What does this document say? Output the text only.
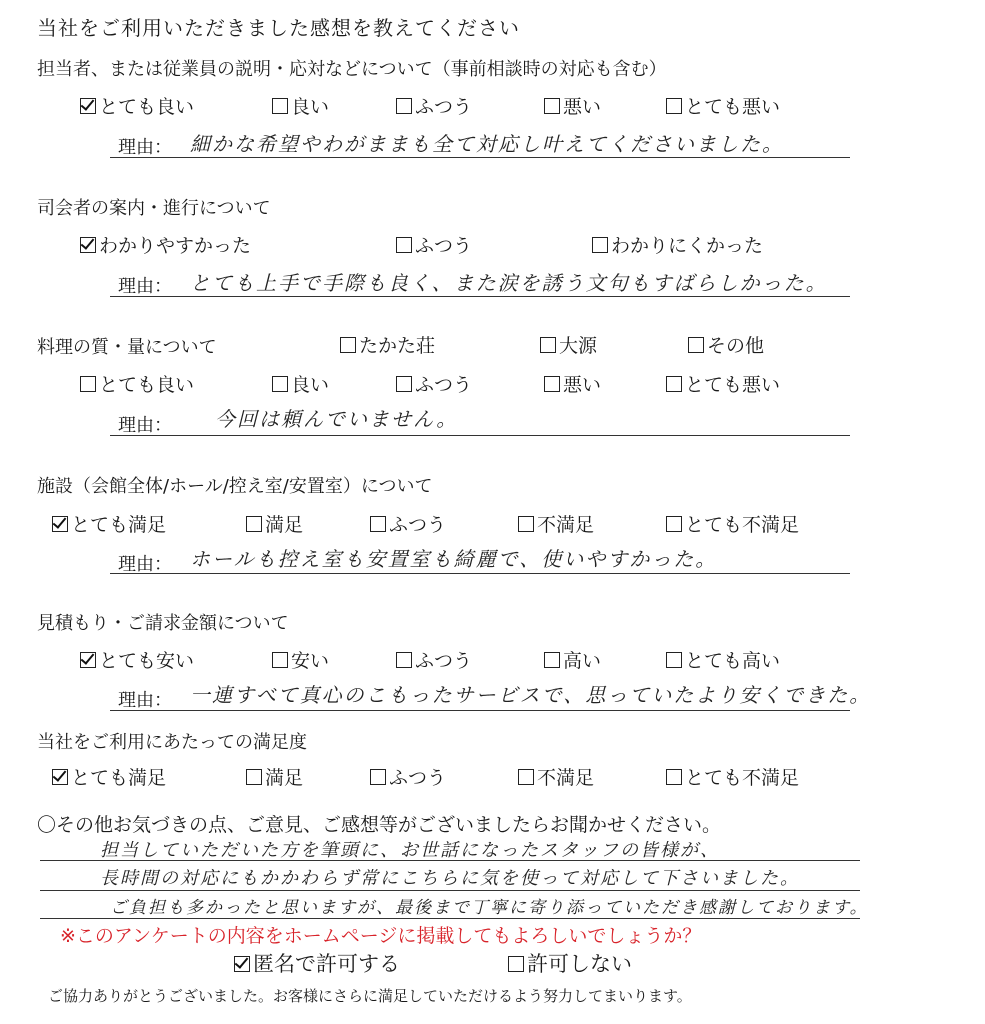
当社をご利用いただきました感想を教えてください
担当者、または従業員の説明・応対などについて（事前相談時の対応も含む）
とても良い	良い	ふつう	悪い	とても悪い
理由： 細かな希望やわがままも全て対応し叶えてくださいました。
司会者の案内・進行について
わかりやすかった	ふつう	わかりにくかった
理由： とても上手で手際も良く、また涙を誘う文句もすばらしかった。
料理の質・量について	たかた荘	大源	その他
とても良い	良い	ふつう	悪い	とても悪い
理由： 今回は頼んでいません。
施設（会館全体/ホール/控え室/安置室）について
とても満足	満足	ふつう	不満足	とても不満足
理由： ホールも控え室も安置室も綺麗で、使いやすかった。
見積もり・ご請求金額について
とても安い	安い	ふつう	高い	とても高い
理由： 一連すべて真心のこもったサービスで、思っていたより安くできた。
当社をご利用にあたっての満足度
とても満足	満足	ふつう	不満足	とても不満足
〇その他お気づきの点、ご意見、ご感想等がございましたらお聞かせください。
担当していただいた方を筆頭に、お世話になったスタッフの皆様が、
長時間の対応にもかかわらず常にこちらに気を使って対応して下さいました。
ご負担も多かったと思いますが、最後まで丁寧に寄り添っていただき感謝しております。
※このアンケートの内容をホームページに掲載してもよろしいでしょうか？
匿名で許可する	許可しない
ご協力ありがとうございました。お客様にさらに満足していただけるよう努力してまいります。
